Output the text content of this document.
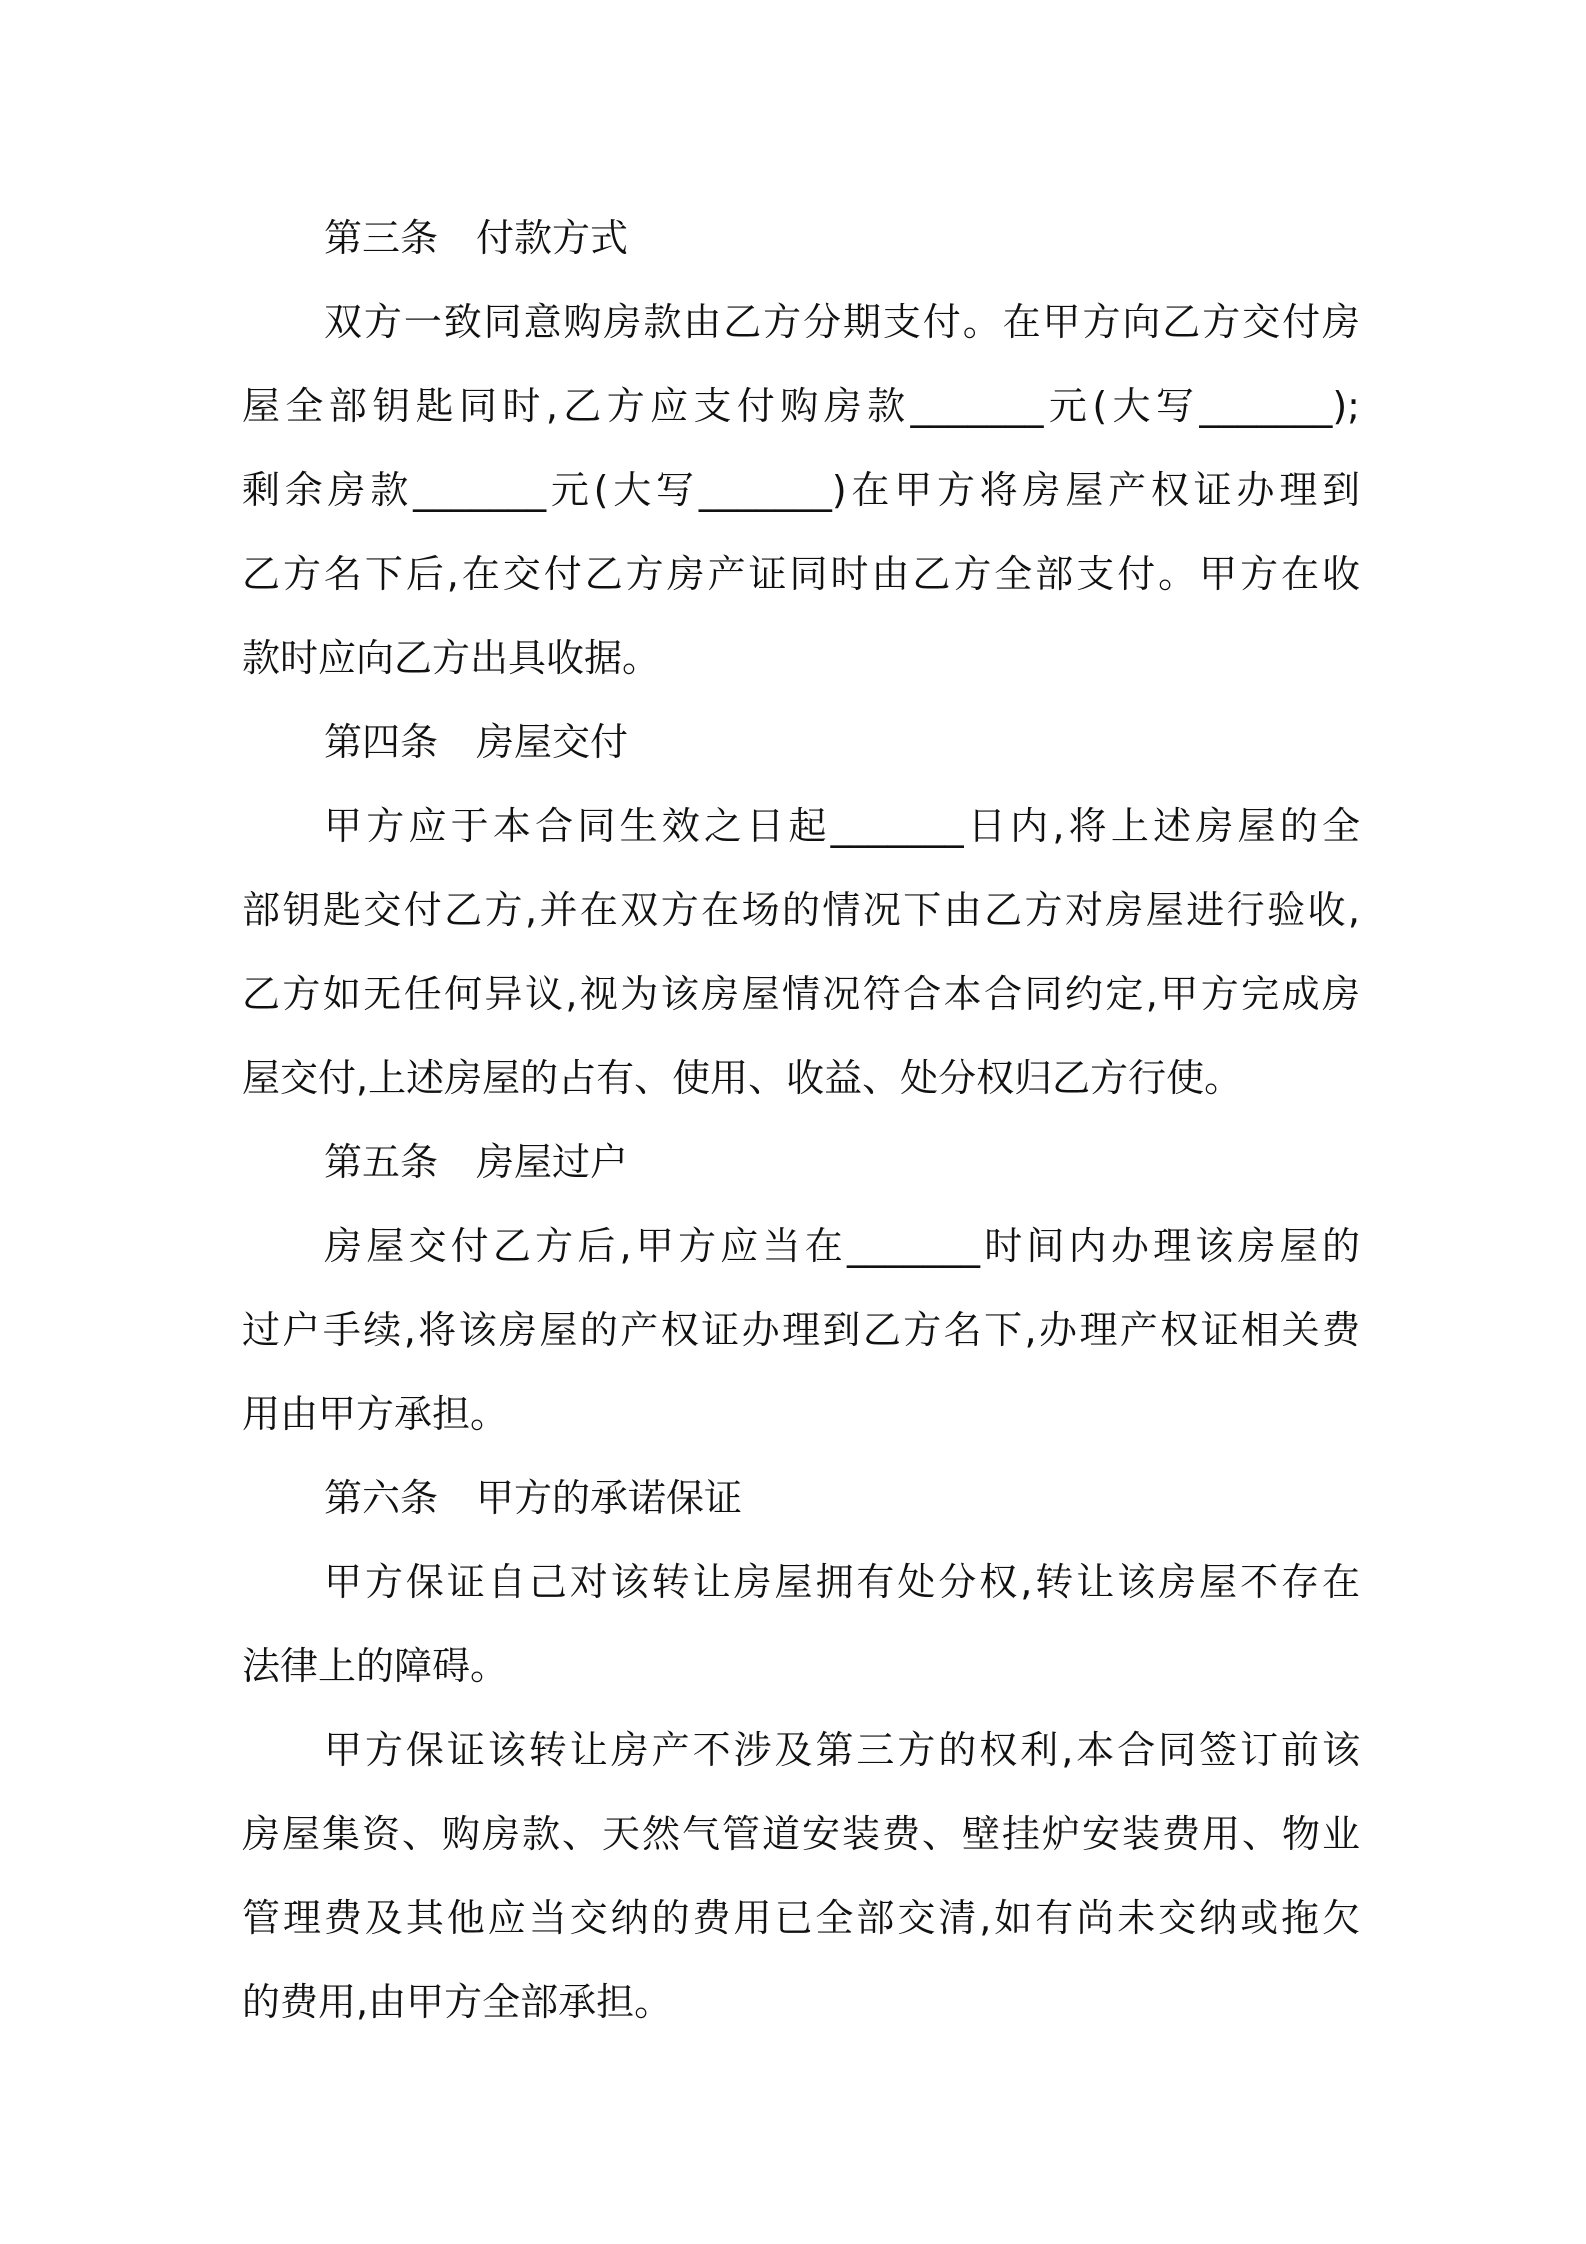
第三条　付款方式
双方一致同意购房款由乙方分期支付。在甲方向乙方交付房
屋全部钥匙同时,乙方应支付购房款_______元(大写_______);
剩余房款_______元(大写_______)在甲方将房屋产权证办理到
乙方名下后,在交付乙方房产证同时由乙方全部支付。甲方在收
款时应向乙方出具收据。
第四条　房屋交付
甲方应于本合同生效之日起_______日内,将上述房屋的全
部钥匙交付乙方,并在双方在场的情况下由乙方对房屋进行验收,
乙方如无任何异议,视为该房屋情况符合本合同约定,甲方完成房
屋交付,上述房屋的占有、使用、收益、处分权归乙方行使。
第五条　房屋过户
房屋交付乙方后,甲方应当在_______时间内办理该房屋的
过户手续,将该房屋的产权证办理到乙方名下,办理产权证相关费
用由甲方承担。
第六条　甲方的承诺保证
甲方保证自己对该转让房屋拥有处分权,转让该房屋不存在
法律上的障碍。
甲方保证该转让房产不涉及第三方的权利,本合同签订前该
房屋集资、购房款、天然气管道安装费、壁挂炉安装费用、物业
管理费及其他应当交纳的费用已全部交清,如有尚未交纳或拖欠
的费用,由甲方全部承担。
